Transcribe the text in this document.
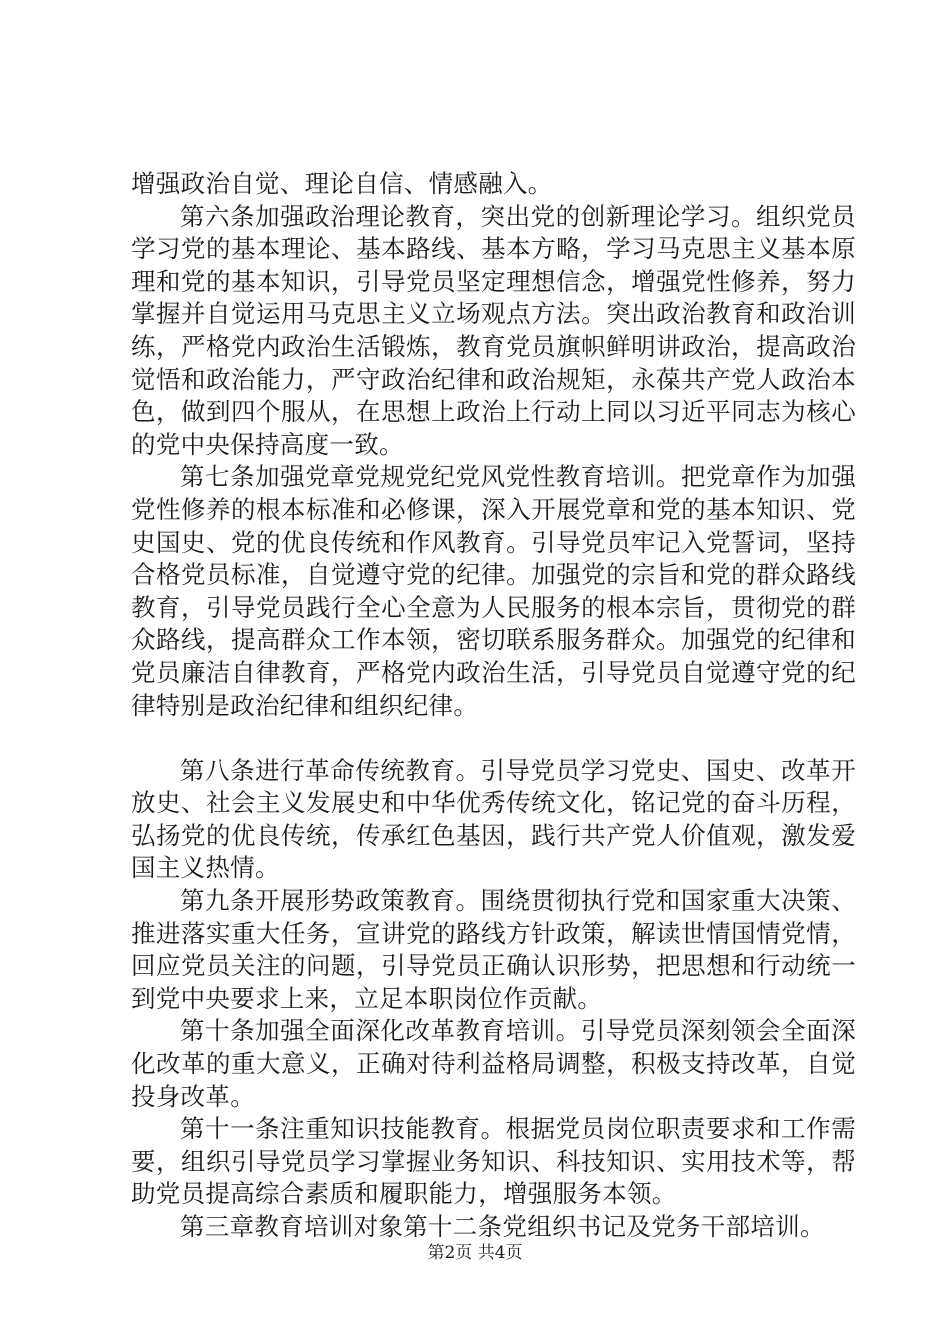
增强政治自觉、理论自信、情感融入。

第六条加强政治理论教育，突出党的创新理论学习。组织党员学习党的基本理论、基本路线、基本方略，学习马克思主义基本原理和党的基本知识，引导党员坚定理想信念，增强党性修养，努力掌握并自觉运用马克思主义立场观点方法。突出政治教育和政治训练，严格党内政治生活锻炼，教育党员旗帜鲜明讲政治，提高政治觉悟和政治能力，严守政治纪律和政治规矩，永葆共产党人政治本色，做到四个服从，在思想上政治上行动上同以习近平同志为核心的党中央保持高度一致。

第七条加强党章党规党纪党风党性教育培训。把党章作为加强党性修养的根本标准和必修课，深入开展党章和党的基本知识、党史国史、党的优良传统和作风教育。引导党员牢记入党誓词，坚持合格党员标准，自觉遵守党的纪律。加强党的宗旨和党的群众路线教育，引导党员践行全心全意为人民服务的根本宗旨，贯彻党的群众路线，提高群众工作本领，密切联系服务群众。加强党的纪律和党员廉洁自律教育，严格党内政治生活，引导党员自觉遵守党的纪律特别是政治纪律和组织纪律。

第八条进行革命传统教育。引导党员学习党史、国史、改革开放史、社会主义发展史和中华优秀传统文化，铭记党的奋斗历程，弘扬党的优良传统，传承红色基因，践行共产党人价值观，激发爱国主义热情。

第九条开展形势政策教育。围绕贯彻执行党和国家重大决策、推进落实重大任务，宣讲党的路线方针政策，解读世情国情党情，回应党员关注的问题，引导党员正确认识形势，把思想和行动统一到党中央要求上来，立足本职岗位作贡献。

第十条加强全面深化改革教育培训。引导党员深刻领会全面深化改革的重大意义，正确对待利益格局调整，积极支持改革，自觉投身改革。

第十一条注重知识技能教育。根据党员岗位职责要求和工作需要，组织引导党员学习掌握业务知识、科技知识、实用技术等，帮助党员提高综合素质和履职能力，增强服务本领。

第三章教育培训对象第十二条党组织书记及党务干部培训。

第2页 共4页
